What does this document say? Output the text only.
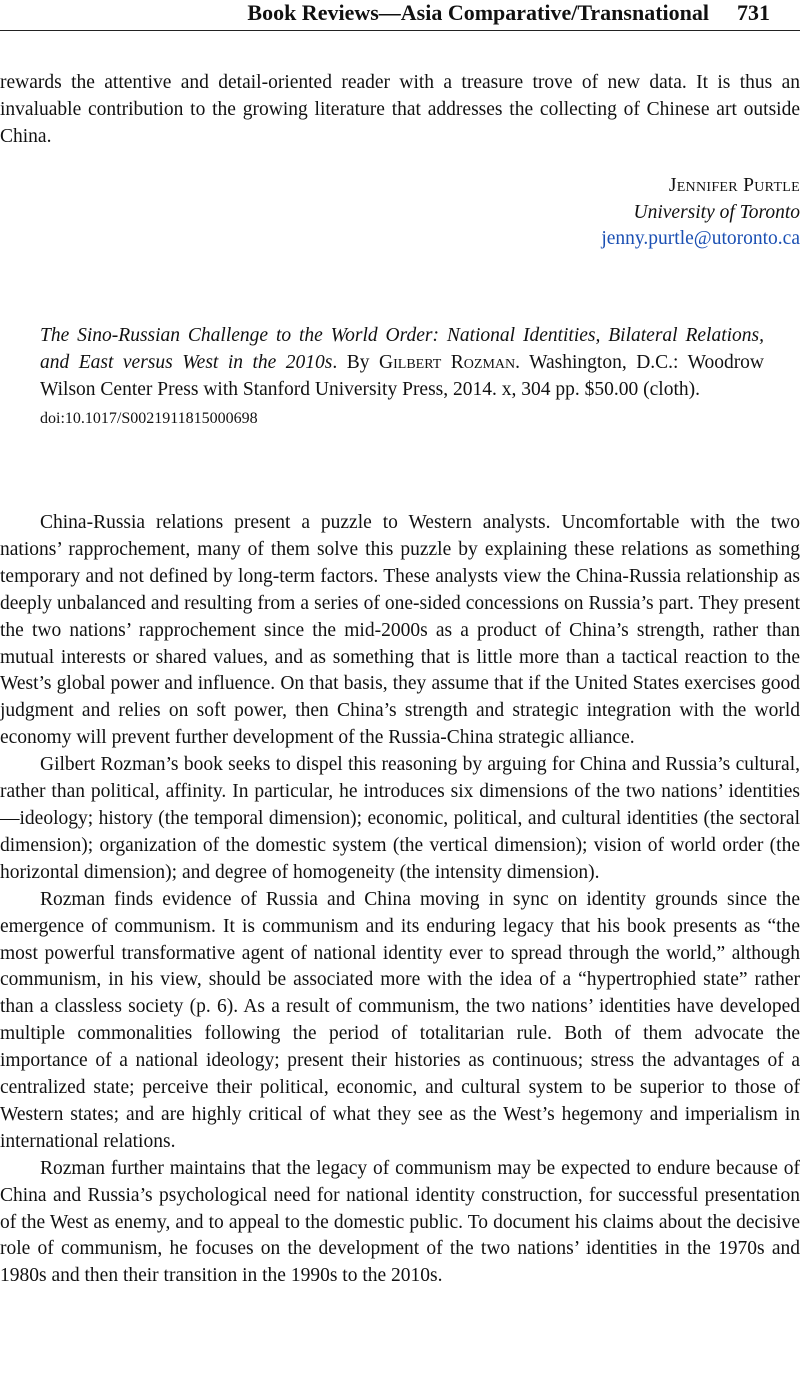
Book Reviews—Asia Comparative/Transnational 731

rewards the attentive and detail-oriented reader with a treasure trove of new data. It is thus an invaluable contribution to the growing literature that addresses the collecting of Chinese art outside China.

Jennifer Purtle
University of Toronto
jenny.purtle@utoronto.ca
The Sino-Russian Challenge to the World Order: National Identities, Bilateral Relations, and East versus West in the 2010s. By Gilbert Rozman. Washington, D.C.: Woodrow Wilson Center Press with Stanford University Press, 2014. x, 304 pp. $50.00 (cloth).
doi:10.1017/S0021911815000698

China-Russia relations present a puzzle to Western analysts. Uncomfortable with the two nations’ rapprochement, many of them solve this puzzle by explaining these relations as something temporary and not defined by long-term factors. These analysts view the China-Russia relationship as deeply unbalanced and resulting from a series of one-sided concessions on Russia’s part. They present the two nations’ rapprochement since the mid-2000s as a product of China’s strength, rather than mutual interests or shared values, and as something that is little more than a tactical reaction to the West’s global power and influence. On that basis, they assume that if the United States exercises good judgment and relies on soft power, then China’s strength and strategic integration with the world economy will prevent further development of the Russia-China strategic alliance.

Gilbert Rozman’s book seeks to dispel this reasoning by arguing for China and Russia’s cultural, rather than political, affinity. In particular, he introduces six dimensions of the two nations’ identities—ideology; history (the temporal dimension); economic, political, and cultural identities (the sectoral dimension); organization of the domestic system (the vertical dimension); vision of world order (the horizontal dimension); and degree of homogeneity (the intensity dimension).

Rozman finds evidence of Russia and China moving in sync on identity grounds since the emergence of communism. It is communism and its enduring legacy that his book presents as “the most powerful transformative agent of national identity ever to spread through the world,” although communism, in his view, should be associated more with the idea of a “hypertrophied state” rather than a classless society (p. 6). As a result of communism, the two nations’ identities have developed multiple commonalities following the period of totalitarian rule. Both of them advocate the importance of a national ideology; present their histories as continuous; stress the advantages of a centralized state; perceive their political, economic, and cultural system to be superior to those of Western states; and are highly critical of what they see as the West’s hegemony and imperialism in international relations.

Rozman further maintains that the legacy of communism may be expected to endure because of China and Russia’s psychological need for national identity construction, for successful presentation of the West as enemy, and to appeal to the domestic public. To document his claims about the decisive role of communism, he focuses on the development of the two nations’ identities in the 1970s and 1980s and then their transition in the 1990s to the 2010s.
